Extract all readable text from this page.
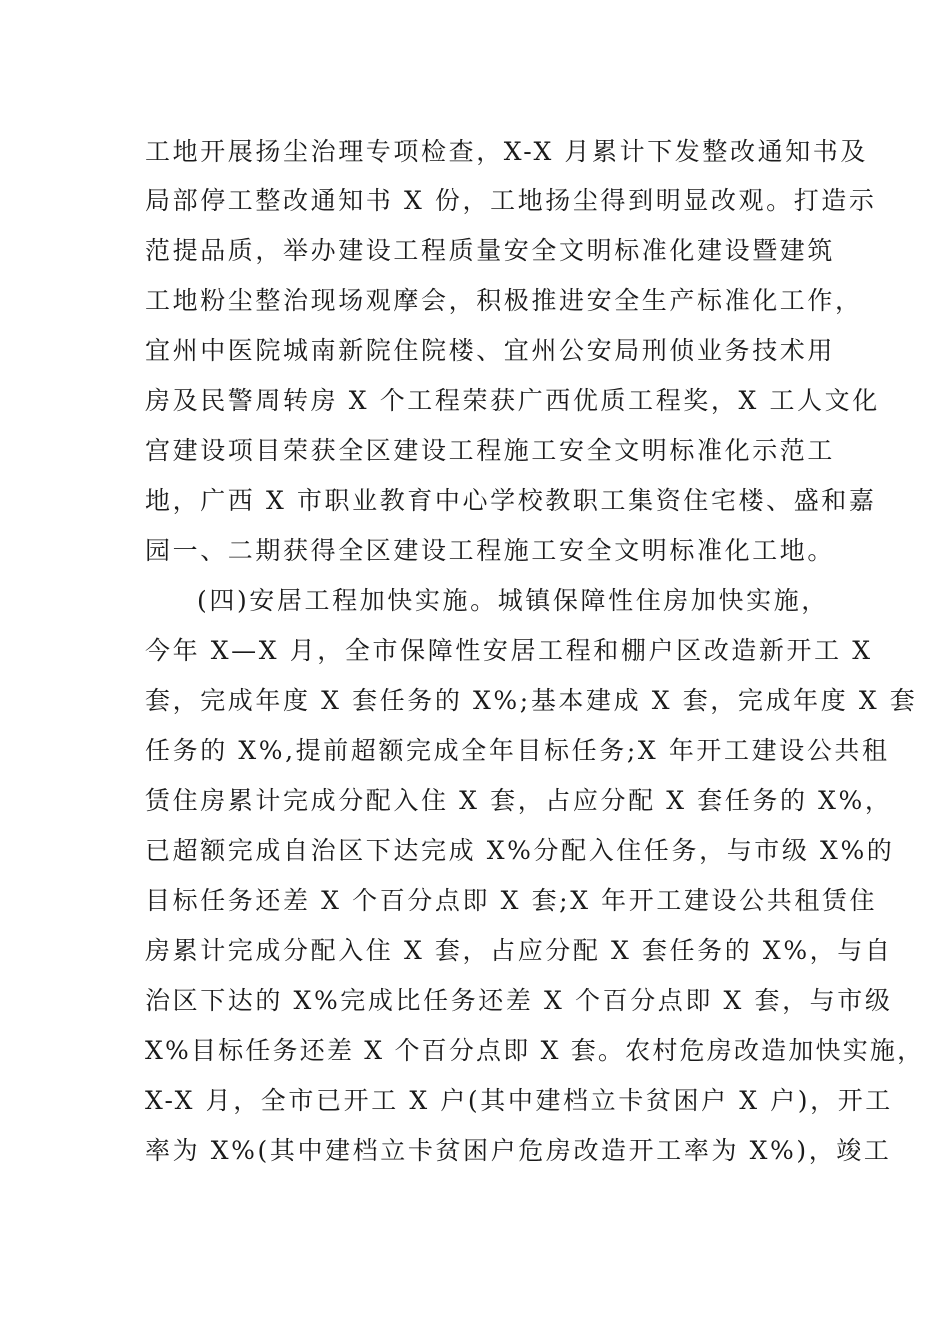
工地开展扬尘治理专项检查，X-X 月累计下发整改通知书及
局部停工整改通知书 X 份，工地扬尘得到明显改观。打造示
范提品质，举办建设工程质量安全文明标准化建设暨建筑
工地粉尘整治现场观摩会，积极推进安全生产标准化工作，
宜州中医院城南新院住院楼、宜州公安局刑侦业务技术用
房及民警周转房 X 个工程荣获广西优质工程奖，X 工人文化
宫建设项目荣获全区建设工程施工安全文明标准化示范工
地，广西 X 市职业教育中心学校教职工集资住宅楼、盛和嘉
园一、二期获得全区建设工程施工安全文明标准化工地。
(四)安居工程加快实施。城镇保障性住房加快实施，
今年 X—X 月，全市保障性安居工程和棚户区改造新开工 X
套，完成年度 X 套任务的 X%;基本建成 X 套，完成年度 X 套
任务的 X%,提前超额完成全年目标任务;X 年开工建设公共租
赁住房累计完成分配入住 X 套，占应分配 X 套任务的 X%，
已超额完成自治区下达完成 X%分配入住任务，与市级 X%的
目标任务还差 X 个百分点即 X 套;X 年开工建设公共租赁住
房累计完成分配入住 X 套，占应分配 X 套任务的 X%，与自
治区下达的 X%完成比任务还差 X 个百分点即 X 套，与市级
X%目标任务还差 X 个百分点即 X 套。农村危房改造加快实施，
X-X 月，全市已开工 X 户(其中建档立卡贫困户 X 户)，开工
率为 X%(其中建档立卡贫困户危房改造开工率为 X%)，竣工
